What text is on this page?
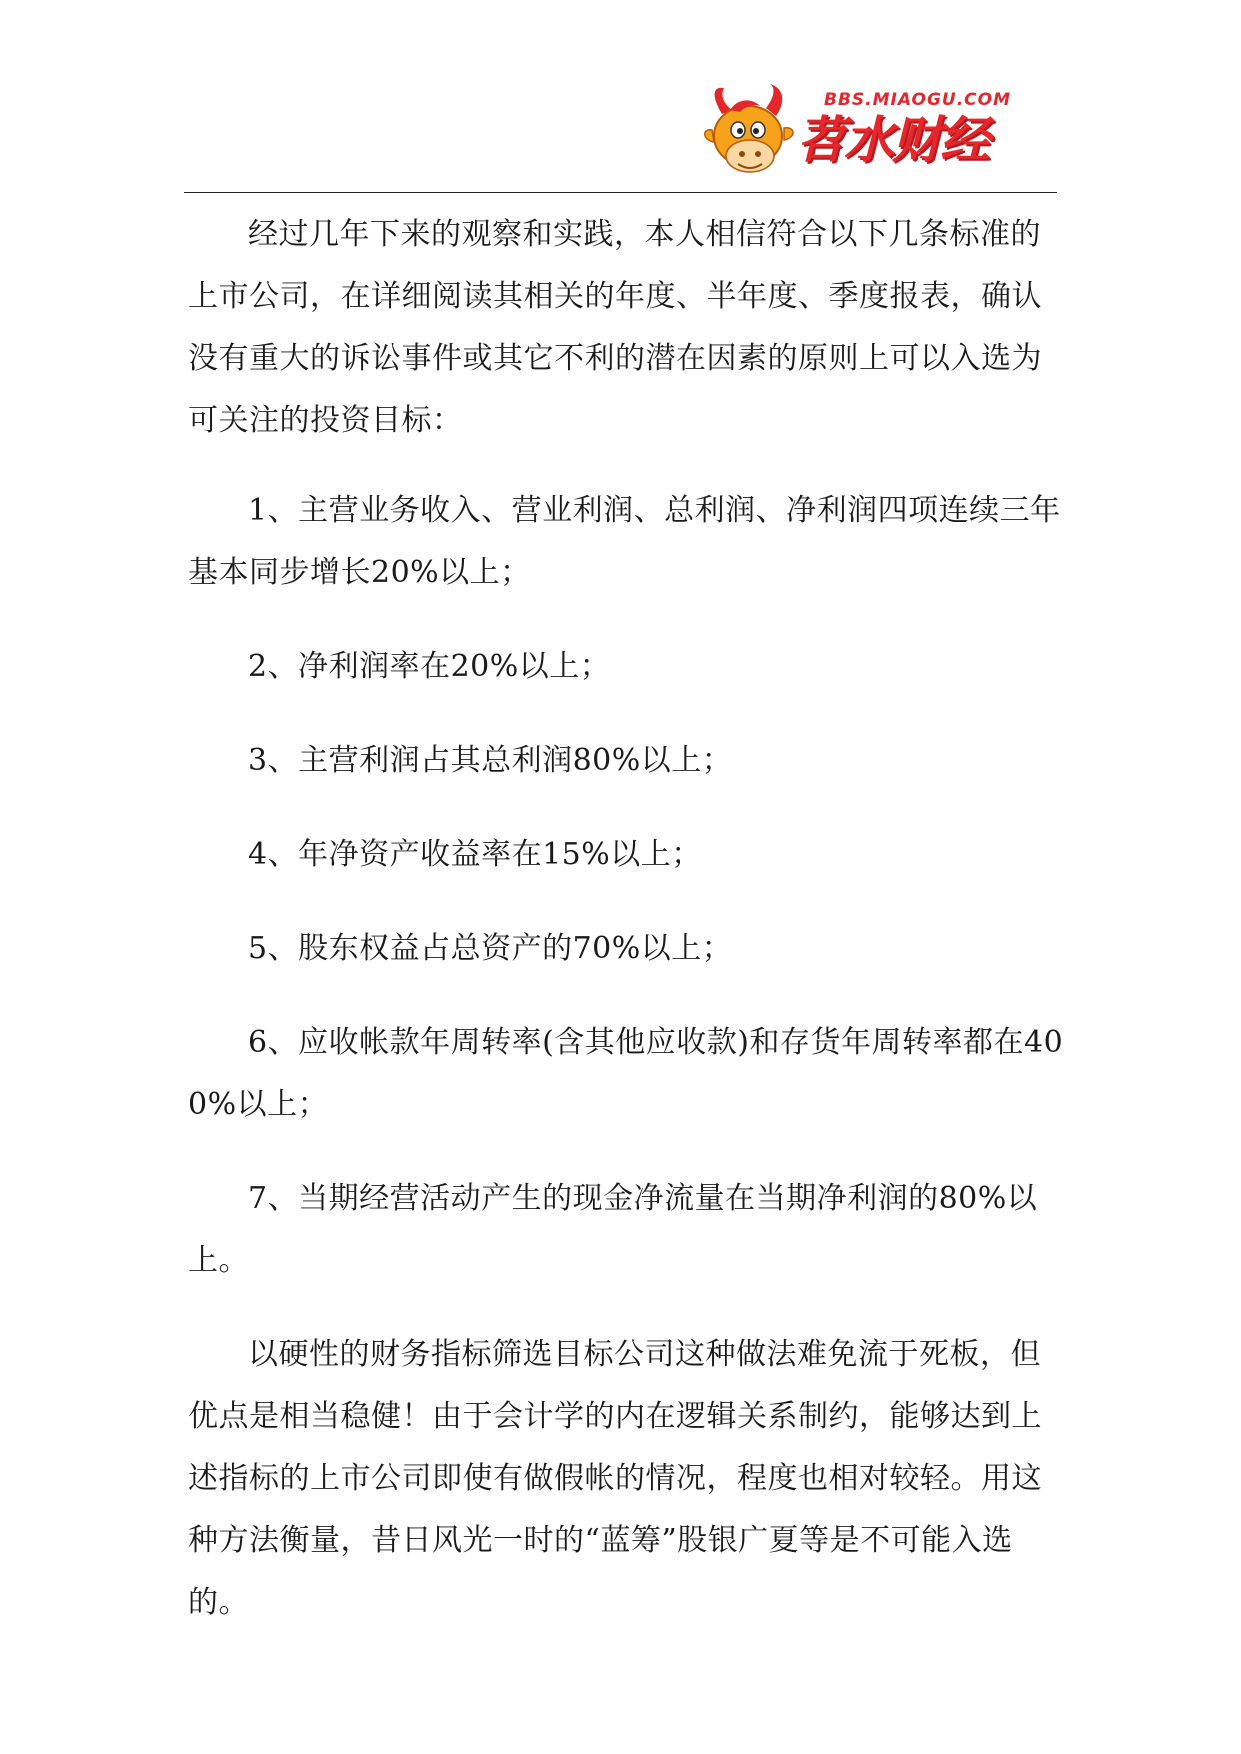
BBS.MIAOGU.COM
苕水财经

经过几年下来的观察和实践，本人相信符合以下几条标准的上市公司，在详细阅读其相关的年度、半年度、季度报表，确认没有重大的诉讼事件或其它不利的潜在因素的原则上可以入选为可关注的投资目标：

1、主营业务收入、营业利润、总利润、净利润四项连续三年基本同步增长20%以上；

2、净利润率在20%以上；

3、主营利润占其总利润80%以上；

4、年净资产收益率在15%以上；

5、股东权益占总资产的70%以上；

6、应收帐款年周转率(含其他应收款)和存货年周转率都在400%以上；

7、当期经营活动产生的现金净流量在当期净利润的80%以上。

以硬性的财务指标筛选目标公司这种做法难免流于死板，但优点是相当稳健！由于会计学的内在逻辑关系制约，能够达到上述指标的上市公司即使有做假帐的情况，程度也相对较轻。用这种方法衡量，昔日风光一时的“蓝筹”股银广夏等是不可能入选的。
